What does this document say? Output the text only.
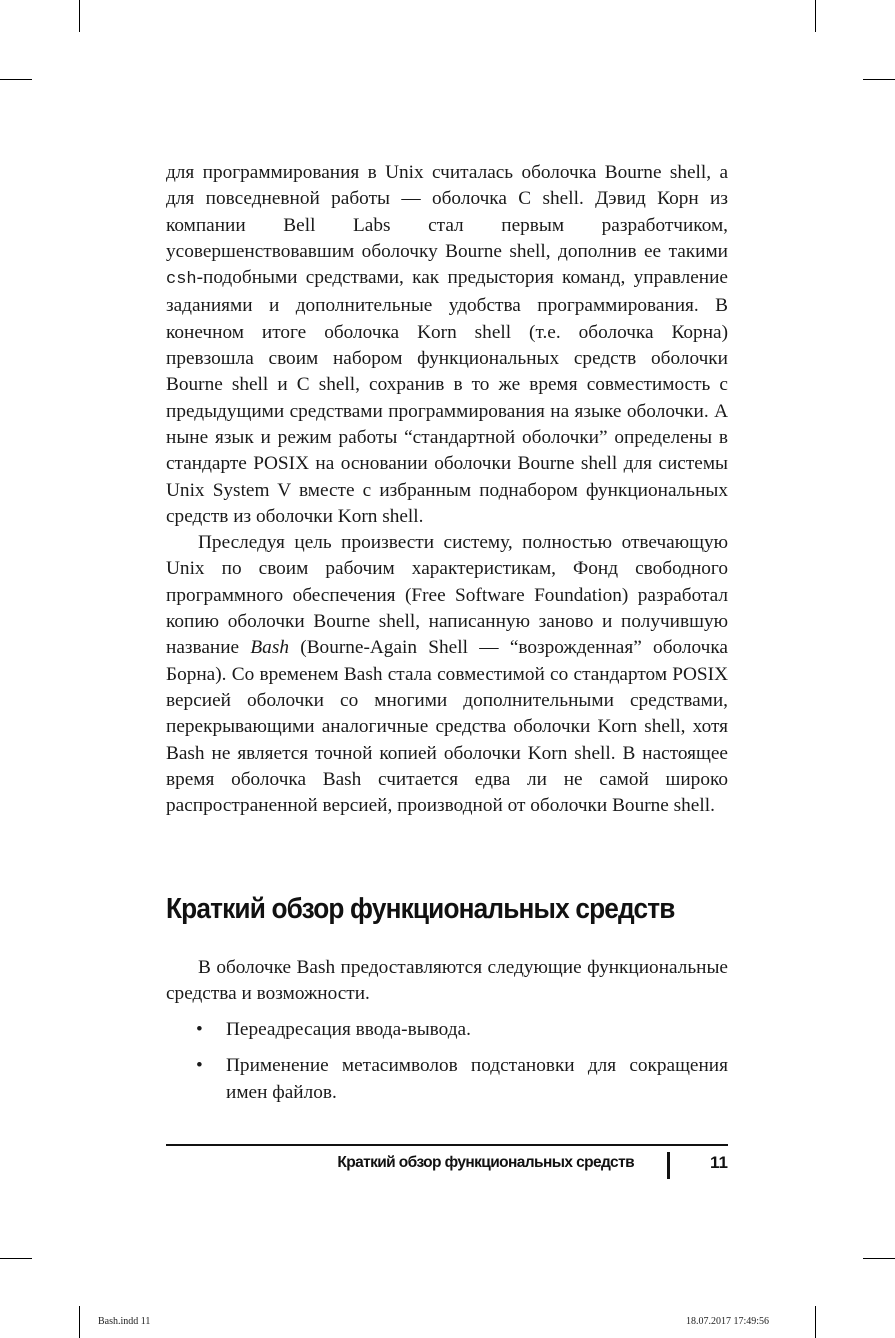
для программирования в Unix считалась оболочка Bourne shell, а для повседневной работы — оболочка C shell. Дэвид Корн из компании Bell Labs стал первым разработчиком, усовершенствовавшим оболочку Bourne shell, дополнив ее такими csh-подобными средствами, как предыстория команд, управление заданиями и дополнительные удобства программирования. В конечном итоге оболочка Korn shell (т.е. оболочка Корна) превзошла своим набором функциональных средств оболочки Bourne shell и C shell, сохранив в то же время совместимость с предыдущими средствами программирования на языке оболочки. А ныне язык и режим работы “стандартной оболочки” определены в стандарте POSIX на основании оболочки Bourne shell для системы Unix System V вместе с избранным поднабором функциональных средств из оболочки Korn shell.

Преследуя цель произвести систему, полностью отвечающую Unix по своим рабочим характеристикам, Фонд свободного программного обеспечения (Free Software Foundation) разработал копию оболочки Bourne shell, написанную заново и получившую название Bash (Bourne-Again Shell — “возрожденная” оболочка Борна). Со временем Bash стала совместимой со стандартом POSIX версией оболочки со многими дополнительными средствами, перекрывающими аналогичные средства оболочки Korn shell, хотя Bash не является точной копией оболочки Korn shell. В настоящее время оболочка Bash считается едва ли не самой широко распространенной версией, производной от оболочки Bourne shell.

Краткий обзор функциональных средств

В оболочке Bash предоставляются следующие функциональные средства и возможности.

• Переадресация ввода-вывода.
• Применение метасимволов подстановки для сокращения имен файлов.
Краткий обзор функциональных средств	11
Bash.indd 11	18.07.2017 17:49:56
